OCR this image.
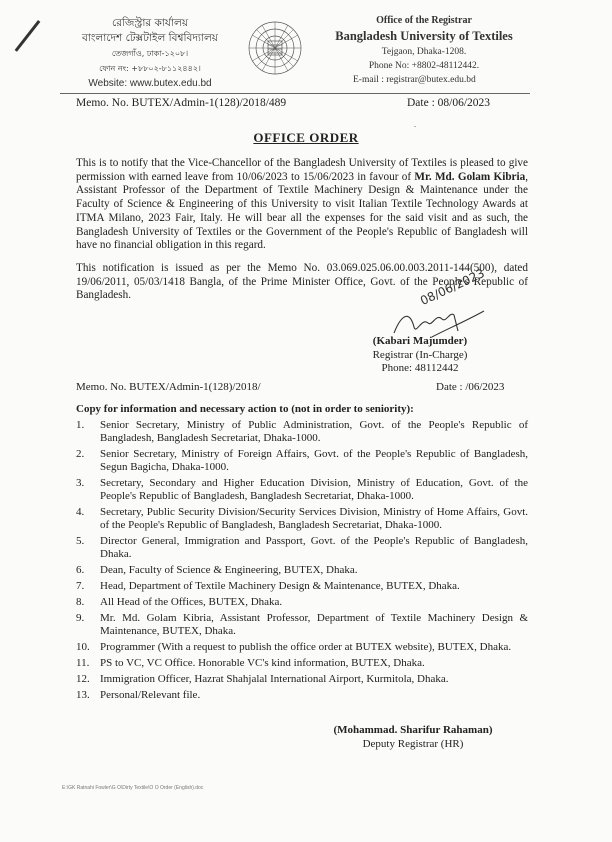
রেজিস্ট্রার কার্যালয়
বাংলাদেশ টেক্সটাইল বিশ্ববিদ্যালয়
তেজগাঁও, ঢাকা-১২০৮।
ফোন নং: +৮৮০২-৮১১২৪৪২।
Website: www.butex.edu.bd
Office of the Registrar
Bangladesh University of Textiles
Tejgaon, Dhaka-1208.
Phone No: +8802-48112442.
E-mail : registrar@butex.edu.bd
Memo. No. BUTEX/Admin-1(128)/2018/489	Date : 08/06/2023
.
OFFICE ORDER
This is to notify that the Vice-Chancellor of the Bangladesh University of Textiles is pleased to give permission with earned leave from 10/06/2023 to 15/06/2023 in favour of Mr. Md. Golam Kibria, Assistant Professor of the Department of Textile Machinery Design & Maintenance under the Faculty of Science & Engineering of this University to visit Italian Textile Technology Awards at ITMA Milano, 2023 Fair, Italy. He will bear all the expenses for the said visit and as such, the Bangladesh University of Textiles or the Government of the People's Republic of Bangladesh will have no financial obligation in this regard.
This notification is issued as per the Memo No. 03.069.025.06.00.003.2011-144(500), dated 19/06/2011, 05/03/1418 Bangla, of the Prime Minister Office, Govt. of the People's Republic of Bangladesh.	08/06/2023
(Kabari Majumder)
Registrar (In-Charge)
Phone: 48112442
Memo. No. BUTEX/Admin-1(128)/2018/	Date : /06/2023
Copy for information and necessary action to (not in order to seniority):
1.	Senior Secretary, Ministry of Public Administration, Govt. of the People's Republic of Bangladesh, Bangladesh Secretariat, Dhaka-1000.
2.	Senior Secretary, Ministry of Foreign Affairs, Govt. of the People's Republic of Bangladesh, Segun Bagicha, Dhaka-1000.
3.	Secretary, Secondary and Higher Education Division, Ministry of Education, Govt. of the People's Republic of Bangladesh, Bangladesh Secretariat, Dhaka-1000.
4.	Secretary, Public Security Division/Security Services Division, Ministry of Home Affairs, Govt. of the People's Republic of Bangladesh, Bangladesh Secretariat, Dhaka-1000.
5.	Director General, Immigration and Passport, Govt. of the People's Republic of Bangladesh, Dhaka.
6.	Dean, Faculty of Science & Engineering, BUTEX, Dhaka.
7.	Head, Department of Textile Machinery Design & Maintenance, BUTEX, Dhaka.
8.	All Head of the Offices, BUTEX, Dhaka.
9.	Mr. Md. Golam Kibria, Assistant Professor, Department of Textile Machinery Design & Maintenance, BUTEX, Dhaka.
10. Programmer (With a request to publish the office order at BUTEX website), BUTEX, Dhaka.
11. PS to VC, VC Office. Honorable VC's kind information, BUTEX, Dhaka.
12. Immigration Officer, Hazrat Shahjalal International Airport, Kurmitola, Dhaka.
13. Personal/Relevant file.
(Mohammad. Sharifur Rahaman)
Deputy Registrar (HR)
E:\GK Ratnahi Fowler\G O\Dirty Textile\O O Order (English).doc
